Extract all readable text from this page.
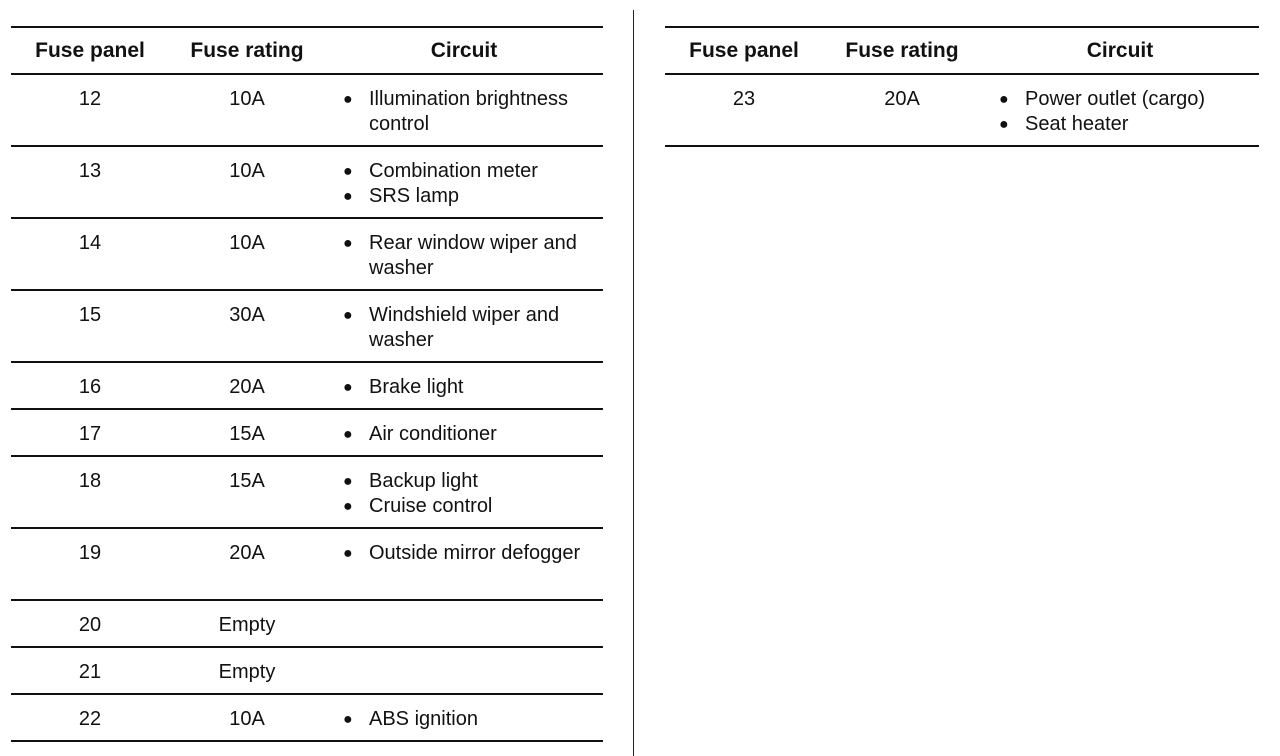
Fuse panel	Fuse rating	Circuit
12	10A	● Illumination brightness control
13	10A	● Combination meter
● SRS lamp
14	10A	● Rear window wiper and washer
15	30A	● Windshield wiper and washer
16	20A	● Brake light
17	15A	● Air conditioner
18	15A	● Backup light
● Cruise control
19	20A	● Outside mirror defogger
20	Empty
21	Empty
22	10A	● ABS ignition
Fuse panel	Fuse rating	Circuit
23	20A	● Power outlet (cargo)
● Seat heater
